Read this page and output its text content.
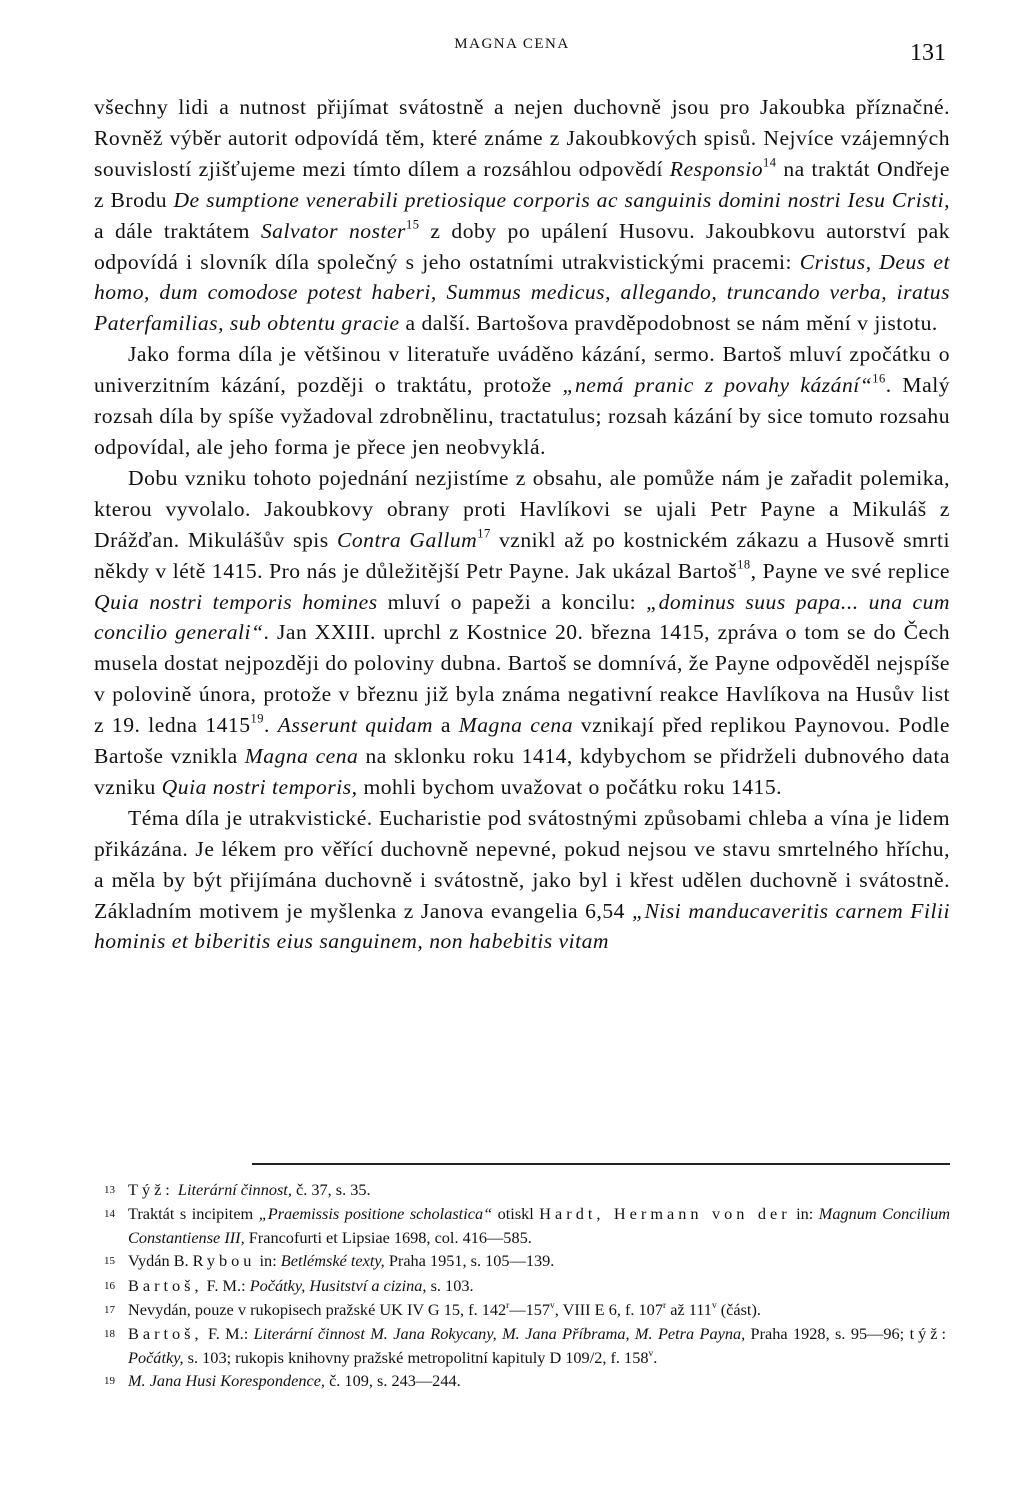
MAGNA CENA	131

všechny lidi a nutnost přijímat svátostně a nejen duchovně jsou pro Jakoubka příznačné. Rovněž výběr autorit odpovídá těm, které známe z Jakoubkových spisů. Nejvíce vzájemných souvislostí zjišťujeme mezi tímto dílem a rozsáhlou odpovědí Responsio$^{14}$ na traktát Ondřeje z Brodu De sumptione venerabili pretiosique corporis ac sanguinis domini nostri Iesu Cristi, a dále traktátem Salvator noster$^{15}$ z doby po upálení Husovu. Jakoubkovu autorství pak odpovídá i slovník díla společný s jeho ostatními utrakvistickými pracemi: Cristus, Deus et homo, dum comodose potest haberi, Summus medicus, allegando, truncando verba, iratus Paterfamilias, sub obtentu gracie a další. Bartošova pravděpodobnost se nám mění v jistotu.

Jako forma díla je většinou v literatuře uváděno kázání, sermo. Bartoš mluví zpočátku o univerzitním kázání, později o traktátu, protože „nemá pranic z povahy kázání“$^{16}$. Malý rozsah díla by spíše vyžadoval zdrobnělinu, tractatulus; rozsah kázání by sice tomuto rozsahu odpovídal, ale jeho forma je přece jen neobvyklá.

Dobu vzniku tohoto pojednání nezjistíme z obsahu, ale pomůže nám je zařadit polemika, kterou vyvolalo. Jakoubkovy obrany proti Havlíkovi se ujali Petr Payne a Mikuláš z Drážďan. Mikulášův spis Contra Gallum$^{17}$ vznikl až po kostnickém zákazu a Husově smrti někdy v létě 1415. Pro nás je důležitější Petr Payne. Jak ukázal Bartoš$^{18}$, Payne ve své replice Quia nostri temporis homines mluví o papeži a koncilu: „dominus suus papa... una cum concilio generali“. Jan XXIII. uprchl z Kostnice 20. března 1415, zpráva o tom se do Čech musela dostat nejpozději do poloviny dubna. Bartoš se domnívá, že Payne odpověděl nejspíše v polovině února, protože v březnu již byla známa negativní reakce Havlíkova na Husův list z 19. ledna 1415$^{19}$. Asserunt quidam a Magna cena vznikají před replikou Paynovou. Podle Bartoše vznikla Magna cena na sklonku roku 1414, kdybychom se přidrželi dubnového data vzniku Quia nostri temporis, mohli bychom uvažovat o počátku roku 1415.

Téma díla je utrakvistické. Eucharistie pod svátostnými způsobami chleba a vína je lidem přikázána. Je lékem pro věřící duchovně nepevné, pokud nejsou ve stavu smrtelného hříchu, a měla by být přijímána duchovně i svátostně, jako byl i křest udělen duchovně i svátostně. Základním motivem je myšlenka z Janova evangelia 6,54 „Nisi manducaveritis carnem Filii hominis et biberitis eius sanguinem, non habebitis vitam

13 Týž: Literární činnost, č. 37, s. 35.
14 Traktát s incipitem „Praemissis positione scholastica“ otiskl Hardt, Hermann von der in: Magnum Concilium Constantiense III, Francofurti et Lipsiae 1698, col. 416—585.
15 Vydán B. Rybou in: Betlémské texty, Praha 1951, s. 105—139.
16 Bartoš, F. M.: Počátky, Husitství a cizina, s. 103.
17 Nevydán, pouze v rukopisech pražské UK IV G 15, f. 142$^r$—157$^v$, VIII E 6, f. 107$^r$ až 111$^v$ (část).
18 Bartoš, F. M.: Literární činnost M. Jana Rokycany, M. Jana Příbrama, M. Petra Payna, Praha 1928, s. 95—96; týž: Počátky, s. 103; rukopis knihovny pražské metropolitní kapituly D 109/2, f. 158$^v$.
19 M. Jana Husi Korespondence, č. 109, s. 243—244.
